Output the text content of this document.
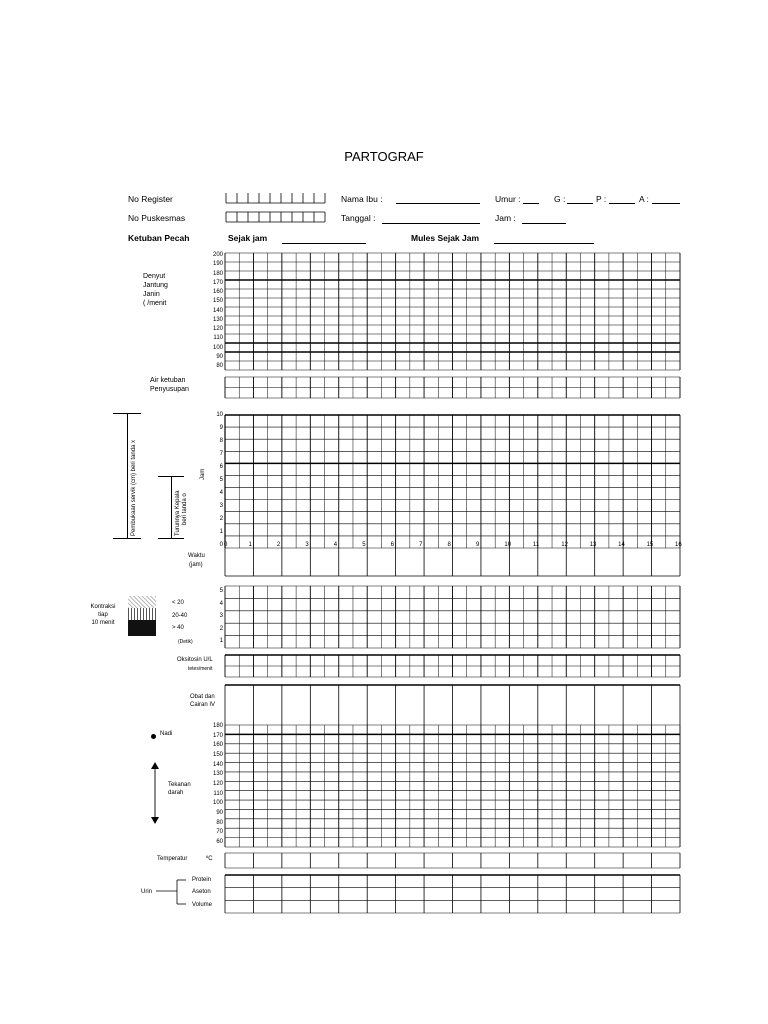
PARTOGRAF
No Register
No Puskesmas
Ketuban Pecah	Sejak jam
Nama Ibu :
Tanggal :
Mules Sejak Jam
Umur :	G :	P :	A :
Jam :
Denyut
Jantung
Janin
( /menit
200
190
180
170
160
150
140
130
120
110
100
90
80
Air ketuban
Penyusupan
Pembukaan servik (cm) beri tanda x	Turunnya Kepala beri tanda o
Jam
10
9
8
7
6
5
4
3
2
1
0 0	1	2	3	4	5	6	7	8	9	10	11	12	13	14	15	16
Waktu
(jam)
Kontraksi
tiap
10 menit
< 20
20-40
> 40
(Detik)
5
4
3
2
1
Oksitosin U/L
tetes/menit
Obat dan
Cairan IV
Nadi
Tekanan
darah
180
170
160
150
140
130
120
110
100
90
80
70
60
Temperatur	ºC
Urin
Protein
Aseton
Volume
